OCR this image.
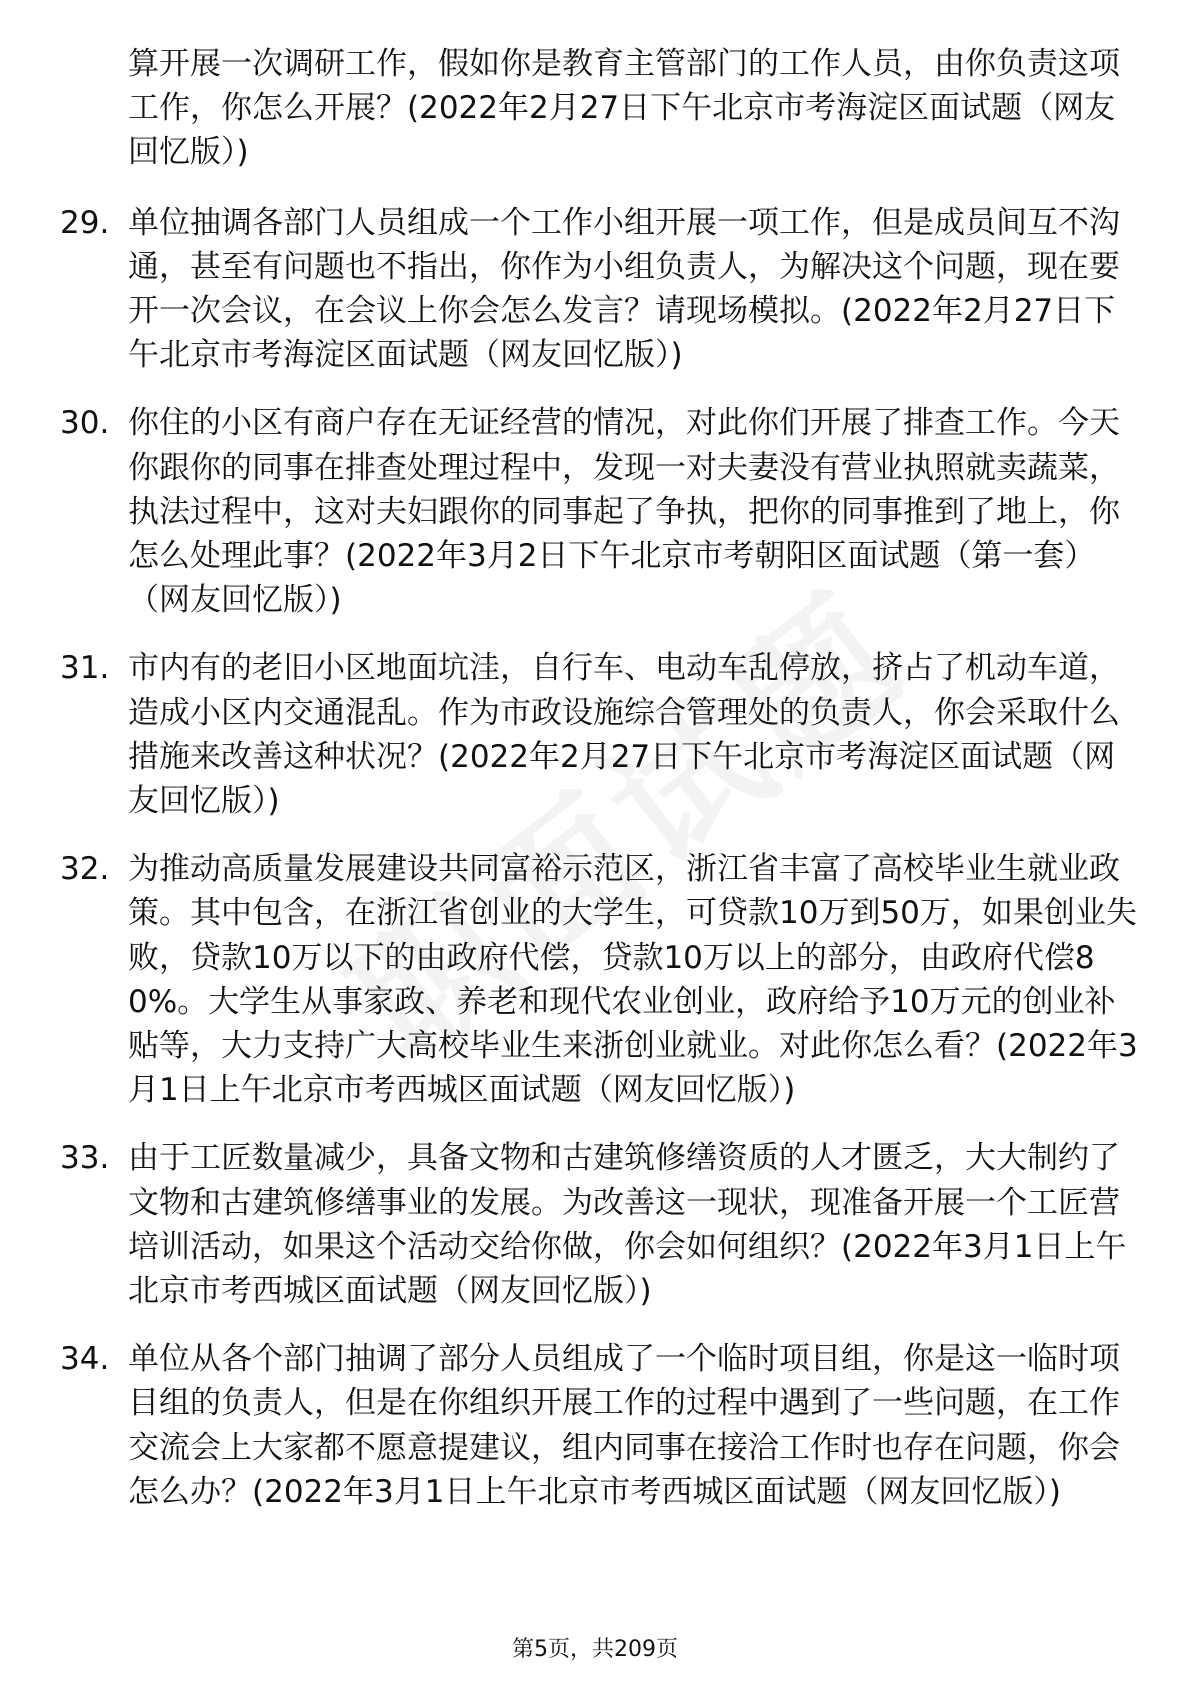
算开展一次调研工作，假如你是教育主管部门的工作人员，由你负责这项工作，你怎么开展？(2022年2月27日下午北京市考海淀区面试题（网友回忆版）)
29. 单位抽调各部门人员组成一个工作小组开展一项工作，但是成员间互不沟通，甚至有问题也不指出，你作为小组负责人，为解决这个问题，现在要开一次会议，在会议上你会怎么发言？请现场模拟。(2022年2月27日下午北京市考海淀区面试题（网友回忆版）)
30. 你住的小区有商户存在无证经营的情况，对此你们开展了排查工作。今天你跟你的同事在排查处理过程中，发现一对夫妻没有营业执照就卖蔬菜，执法过程中，这对夫妇跟你的同事起了争执，把你的同事推到了地上，你怎么处理此事？(2022年3月2日下午北京市考朝阳区面试题（第一套）（网友回忆版）)
31. 市内有的老旧小区地面坑洼，自行车、电动车乱停放，挤占了机动车道，造成小区内交通混乱。作为市政设施综合管理处的负责人，你会采取什么措施来改善这种状况？(2022年2月27日下午北京市考海淀区面试题（网友回忆版）)
32. 为推动高质量发展建设共同富裕示范区，浙江省丰富了高校毕业生就业政策。其中包含，在浙江省创业的大学生，可贷款10万到50万，如果创业失败，贷款10万以下的由政府代偿，贷款10万以上的部分，由政府代偿80%。大学生从事家政、养老和现代农业创业，政府给予10万元的创业补贴等，大力支持广大高校毕业生来浙创业就业。对此你怎么看？(2022年3月1日上午北京市考西城区面试题（网友回忆版）)
33. 由于工匠数量减少，具备文物和古建筑修缮资质的人才匮乏，大大制约了文物和古建筑修缮事业的发展。为改善这一现状，现准备开展一个工匠营培训活动，如果这个活动交给你做，你会如何组织？(2022年3月1日上午北京市考西城区面试题（网友回忆版）)
34. 单位从各个部门抽调了部分人员组成了一个临时项目组，你是这一临时项目组的负责人，但是在你组织开展工作的过程中遇到了一些问题，在工作交流会上大家都不愿意提建议，组内同事在接洽工作时也存在问题，你会怎么办？(2022年3月1日上午北京市考西城区面试题（网友回忆版）)
第5页，共209页
